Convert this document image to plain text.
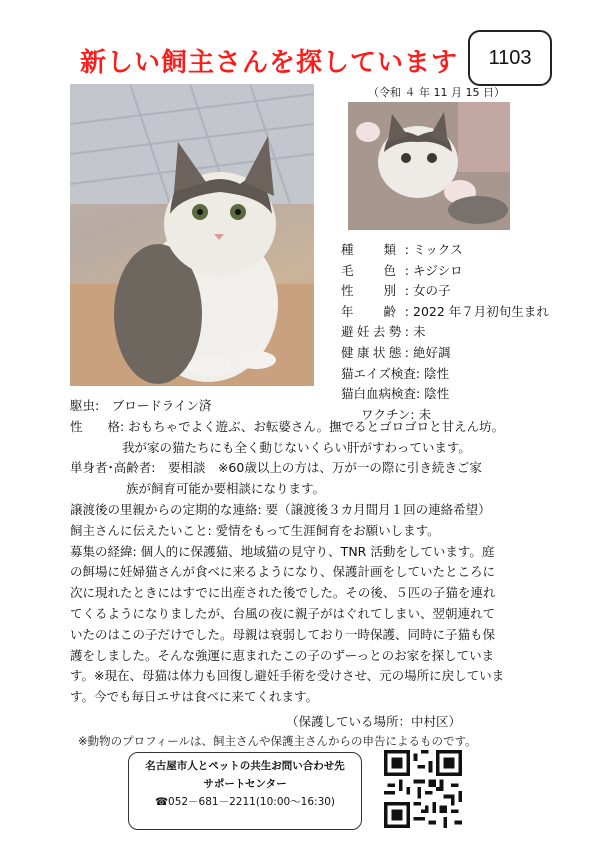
新しい飼主さんを探しています	1103
（令和 ４ 年 11 月 15 日）
種　類: ミックス
毛　色: キジシロ
性　別: 女の子
年　齢: 2022 年７月初旬生まれ
避妊去勢: 未
健康状態: 絶好調
猫エイズ検査: 陰性
猫白血病検査: 陰性
ワクチン: 未
駆虫:　ブロードライン済
性　　格: おもちゃでよく遊ぶ、お転婆さん。撫でるとゴロゴロと甘えん坊。
我が家の猫たちにも全く動じないくらい肝がすわっています。
単身者･高齢者:　要相談　※60歳以上の方は、万が一の際に引き続きご家
族が飼育可能か要相談になります。
譲渡後の里親からの定期的な連絡: 要（譲渡後３カ月間月１回の連絡希望）
飼主さんに伝えたいこと: 愛情をもって生涯飼育をお願いします。
募集の経緯: 個人的に保護猫、地域猫の見守り、TNR 活動をしています。庭
の餌場に妊婦猫さんが食べに来るようになり、保護計画をしていたところに
次に現れたときにはすでに出産された後でした。その後、５匹の子猫を連れ
てくるようになりましたが、台風の夜に親子がはぐれてしまい、翌朝連れて
いたのはこの子だけでした。母親は衰弱しており一時保護、同時に子猫も保
護をしました。そんな強運に恵まれたこの子のずーっとのお家を探していま
す。※現在、母猫は体力も回復し避妊手術を受けさせ、元の場所に戻していま
す。今でも毎日エサは食べに来てくれます。
（保護している場所：中村区）
※動物のプロフィールは、飼主さんや保護主さんからの申告によるものです。
名古屋市人とペットの共生お問い合わせ先
サポートセンター
☎052－681－2211(10:00～16:30)
